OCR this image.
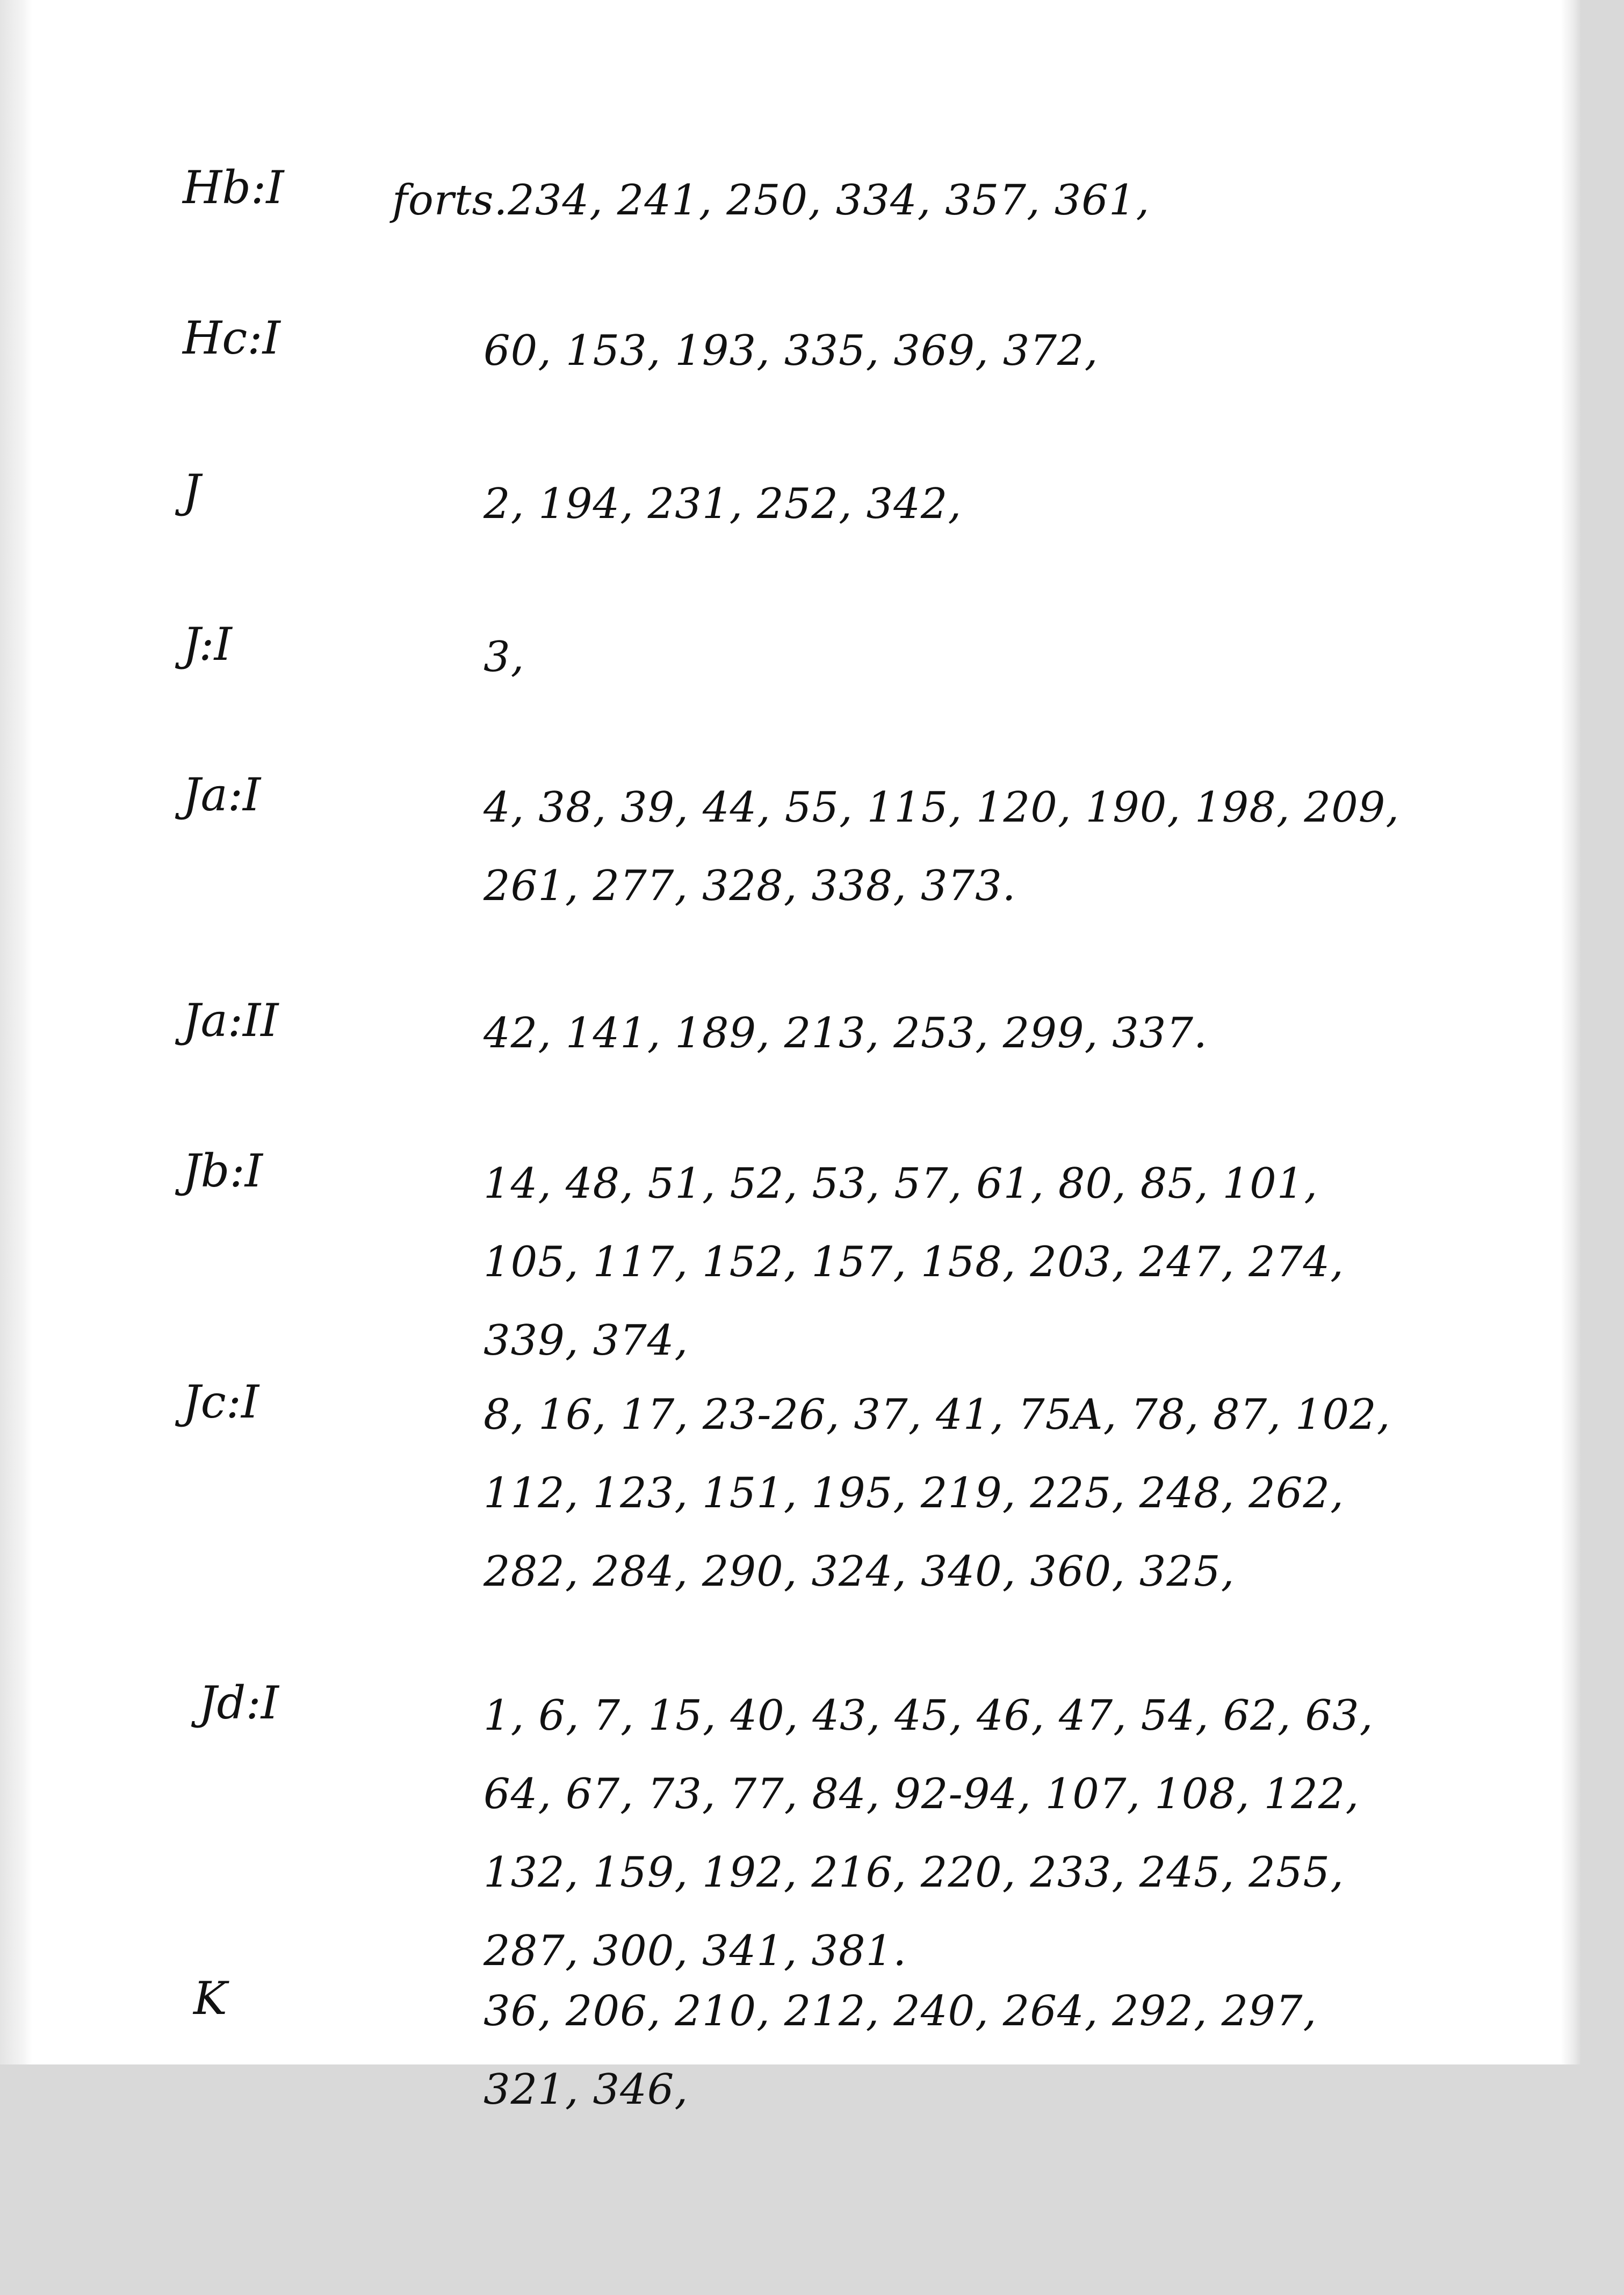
Hb:I	forts.234, 241, 250, 334, 357, 361,
Hc:I	60, 153, 193, 335, 369, 372,
J	2, 194, 231, 252, 342,
J:I	3,
Ja:I	4, 38, 39, 44, 55, 115, 120, 190, 198, 209, 261, 277, 328, 338, 373.
Ja:II	42, 141, 189, 213, 253, 299, 337.
Jb:I	14, 48, 51, 52, 53, 57, 61, 80, 85, 101, 105, 117, 152, 157, 158, 203, 247, 274, 339, 374,
Jc:I	8, 16, 17, 23-26, 37, 41, 75A, 78, 87, 102, 112, 123, 151, 195, 219, 225, 248, 262, 282, 284, 290, 324, 340, 360, 325,
Jd:I	1, 6, 7, 15, 40, 43, 45, 46, 47, 54, 62, 63, 64, 67, 73, 77, 84, 92-94, 107, 108, 122, 132, 159, 192, 216, 220, 233, 245, 255, 287, 300, 341, 381.
K	36, 206, 210, 212, 240, 264, 292, 297, 321, 346,
